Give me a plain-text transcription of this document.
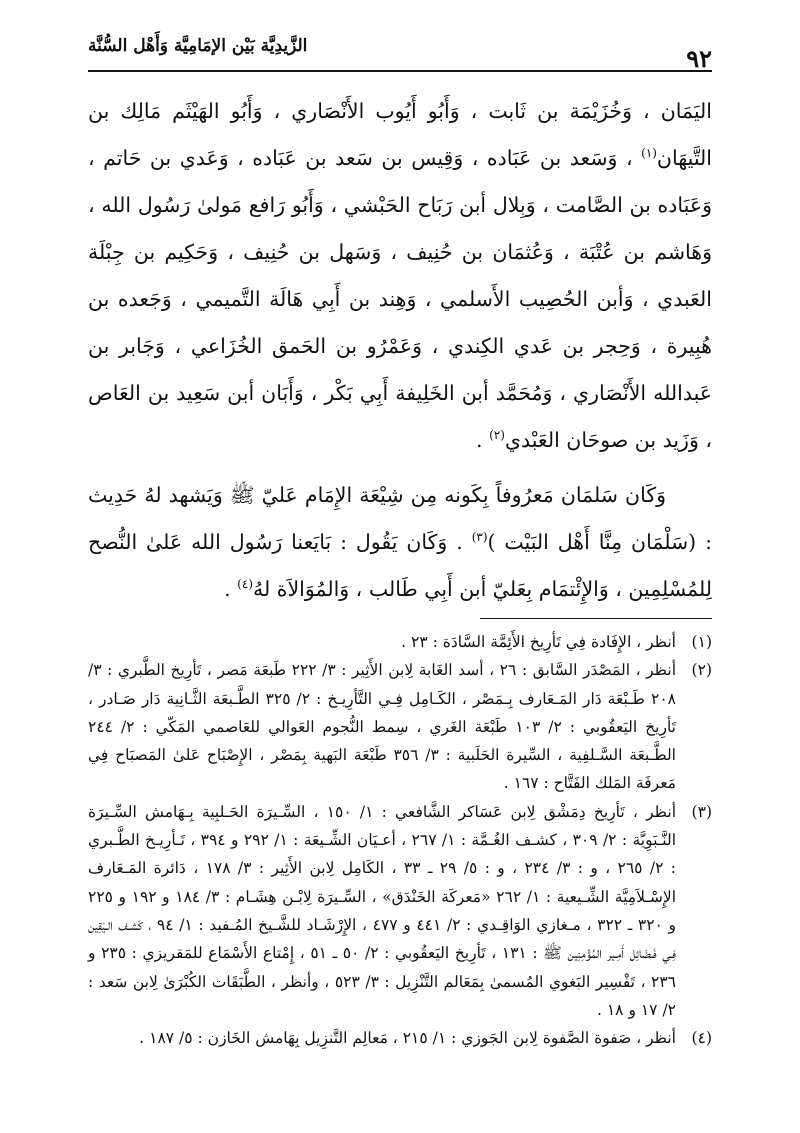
٩٢
الزَّيدِيَّة بَيْن الإمَامِيَّة وَأَهْل السُّنَّة

اليَمَان ، وَخُزَيْمَة بن ثَابت ، وَأَبُو أَيُوب الأَنْصَاري ، وَأَبُو الهَيْثَم مَالِك بن التَّيهَان$^{(١)}$ ، وَسَعد بن عَبَاده ، وَقِيس بن سَعد بن عَبَاده ، وَعَدي بن حَاتم ، وَعَبَاده بن الصَّامت ، وَبِلال أبن رَبَاح الحَبْشي ، وَأَبُو رَافع مَولىٰ رَسُول الله ، وَهَاشم بن عُتْبَة ، وَعُثمَان بن حُنِيف ، وَسَهل بن حُنِيف ، وَحَكِيم بن جِبْلَة العَبدي ، وَأبن الحُصِيب الأَسلمي ، وَهِند بن أَبِي هَالَة التَّميمي ، وَجَعده بن هُبِيرة ، وَحِجر بن عَدي الكِندي ، وَعَمْرُو بن الحَمق الخُزَاعي ، وَجَابر بن عَبدالله الأَنْصَاري ، وَمُحَمَّد أبن الخَلِيفة أَبِي بَكْر ، وَأَبَان أبن سَعِيد بن العَاص ، وَزَيد بن صوحَان العَبْدي$^{(٢)}$ .

وَكَان سَلمَان مَعرُوفاً بِكَونه مِن شِيْعَة الإِمَام عَليّ ﷺ وَيَشهد لهُ حَدِيث : (سَلْمَان مِنَّا أَهْل البَيْت )$^{(٣)}$ . وَكَان يَقُول : بَايَعنا رَسُول الله عَلىٰ النُّصح لِلمُسْلِمِين ، وَالإِئْتمَام بِعَليّ أبن أَبِي طَالب ، وَالمُوَالاَة لهُ$^{(٤)}$ .

(١)
أنظر ، الإِفَادة فِي تَأرِيخ الأَئِمَّة السَّادَة : ٢٣ .

(٢)
أنظر ، المَصْدَر السَّابق : ٢٦ ، أسد الغَابة لِابن الأَثِير : ٣/ ٢٢٢ طَبعَة مَصر ، تَأرِيخ الطَّبري : ٣/ ٢٠٨ طَـبْعَة دَار المَـعَارف بِـمَصْر ، الكَـامِل فِـي التَّأرِيـخ : ٢/ ٣٢٥ الطَّـبعَة الثَّـانِية دَار صَـادر ، تَأرِيخ اليَعقُوبي : ٢/ ١٠٣ طَبْعَة الغَري ، سِمط النُّجوم العَوالي للعَاصمي المَكّي : ٢/ ٢٤٤ الطَّـبعَة السَّـلفِية ، السِّيرة الحَلَبية : ٣/ ٣٥٦ طَبْعَة البَهية بِمَصْر ، الإِصْبَاح عَلىٰ المَصبَاح فِي مَعرفَة المَلك الفَتَّاح : ١٦٧ .

(٣)
أنظر ، تَأرِيخ دِمَشْق لِابن عَسَاكر الشَّافعي : ١/ ١٥٠ ، السِّـيرَة الحَـلبِية بِـهَامش السِّـيرَة النَّـبَوِيَّة : ٢/ ٣٠٩ ، كشـف الغُـمَّة : ١/ ٢٦٧ ، أعـيَان الشِّـيعَة : ١/ ٢٩٢ و ٣٩٤ ، تَـأرِيـخ الطَّـبري : ٢/ ٢٦٥ ، و : ٣/ ٢٣٤ ، و : ٥/ ٢٩ ـ ٣٣ ، الكَامِل لِابن الأَثِير : ٣/ ١٧٨ ، دَائرة المَـعَارف الإِسْـلاَمِيَّة الشِّـيعية : ١/ ٢٦٢ «مَعركَة الخَنْدَق» ، السِّـيرَة لِابْـن هِشَـام : ٣/ ١٨٤ و ١٩٢ و ٢٢٥ و ٣٢٠ ـ ٣٢٢ ، مـغازي الوَاقِـدي : ٢/ ٤٤١ و ٤٧٧ ، الإِرْشَـاد للشَّـيخ المُـفيد : ١/ ٩٤ ، كَشـف الـيَقِين فِـي فَـضَائِل أَمِـير المُؤْمِنِين ﷺ : ١٣١ ، تَأرِيخ اليَعقُوبي : ٢/ ٥٠ ـ ٥١ ، إِمْتاع الأَسْمَاع للمَقريزي : ٢٣٥ و ٢٣٦ ، تَفْسِير البَغوي المُسمىٰ بِمَعَالم التَّنْزِيل : ٣/ ٥٢٣ ، وأنظر ، الطَّبَقَات الكُبْرَىٰ لِابن سَعد : ٢/ ١٧ و ١٨ .

(٤)
أنظر ، صَفوة الصَّفوة لِابن الجَوزي : ١/ ٢١٥ ، مَعالِم التَّنزِيل بِهَامش الخَازن : ٥/ ١٨٧ .
